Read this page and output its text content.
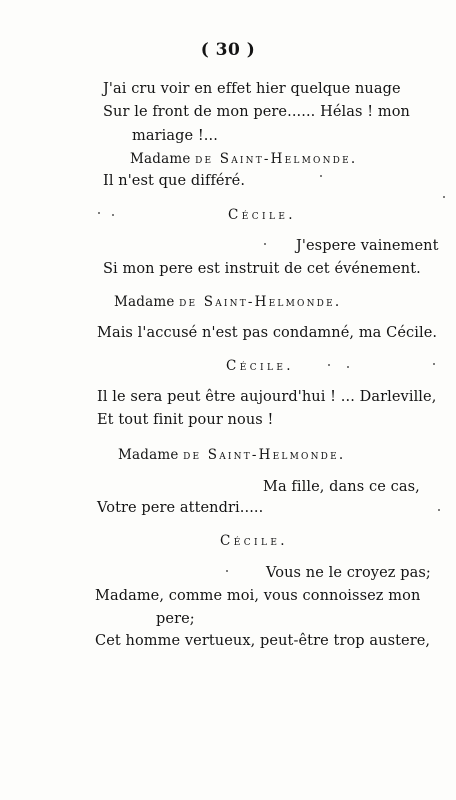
( 30 )
J'ai cru voir en effet hier quelque nuage
Sur le front de mon pere...... Hélas ! mon
mariage !...
Madame de Saint-Helmonde.
Il n'est que différé.
Cécile.
J'espere vainement
Si mon pere est instruit de cet événement.
Madame de Saint-Helmonde.
Mais l'accusé n'est pas condamné, ma Cécile.
Cécile.
Il le sera peut être aujourd'hui ! ... Darleville,
Et tout finit pour nous !
Madame de Saint-Helmonde.
Ma fille, dans ce cas,
Votre pere attendri.....
Cécile.
Vous ne le croyez pas;
Madame, comme moi, vous connoissez mon
pere;
Cet homme vertueux, peut-être trop austere,
